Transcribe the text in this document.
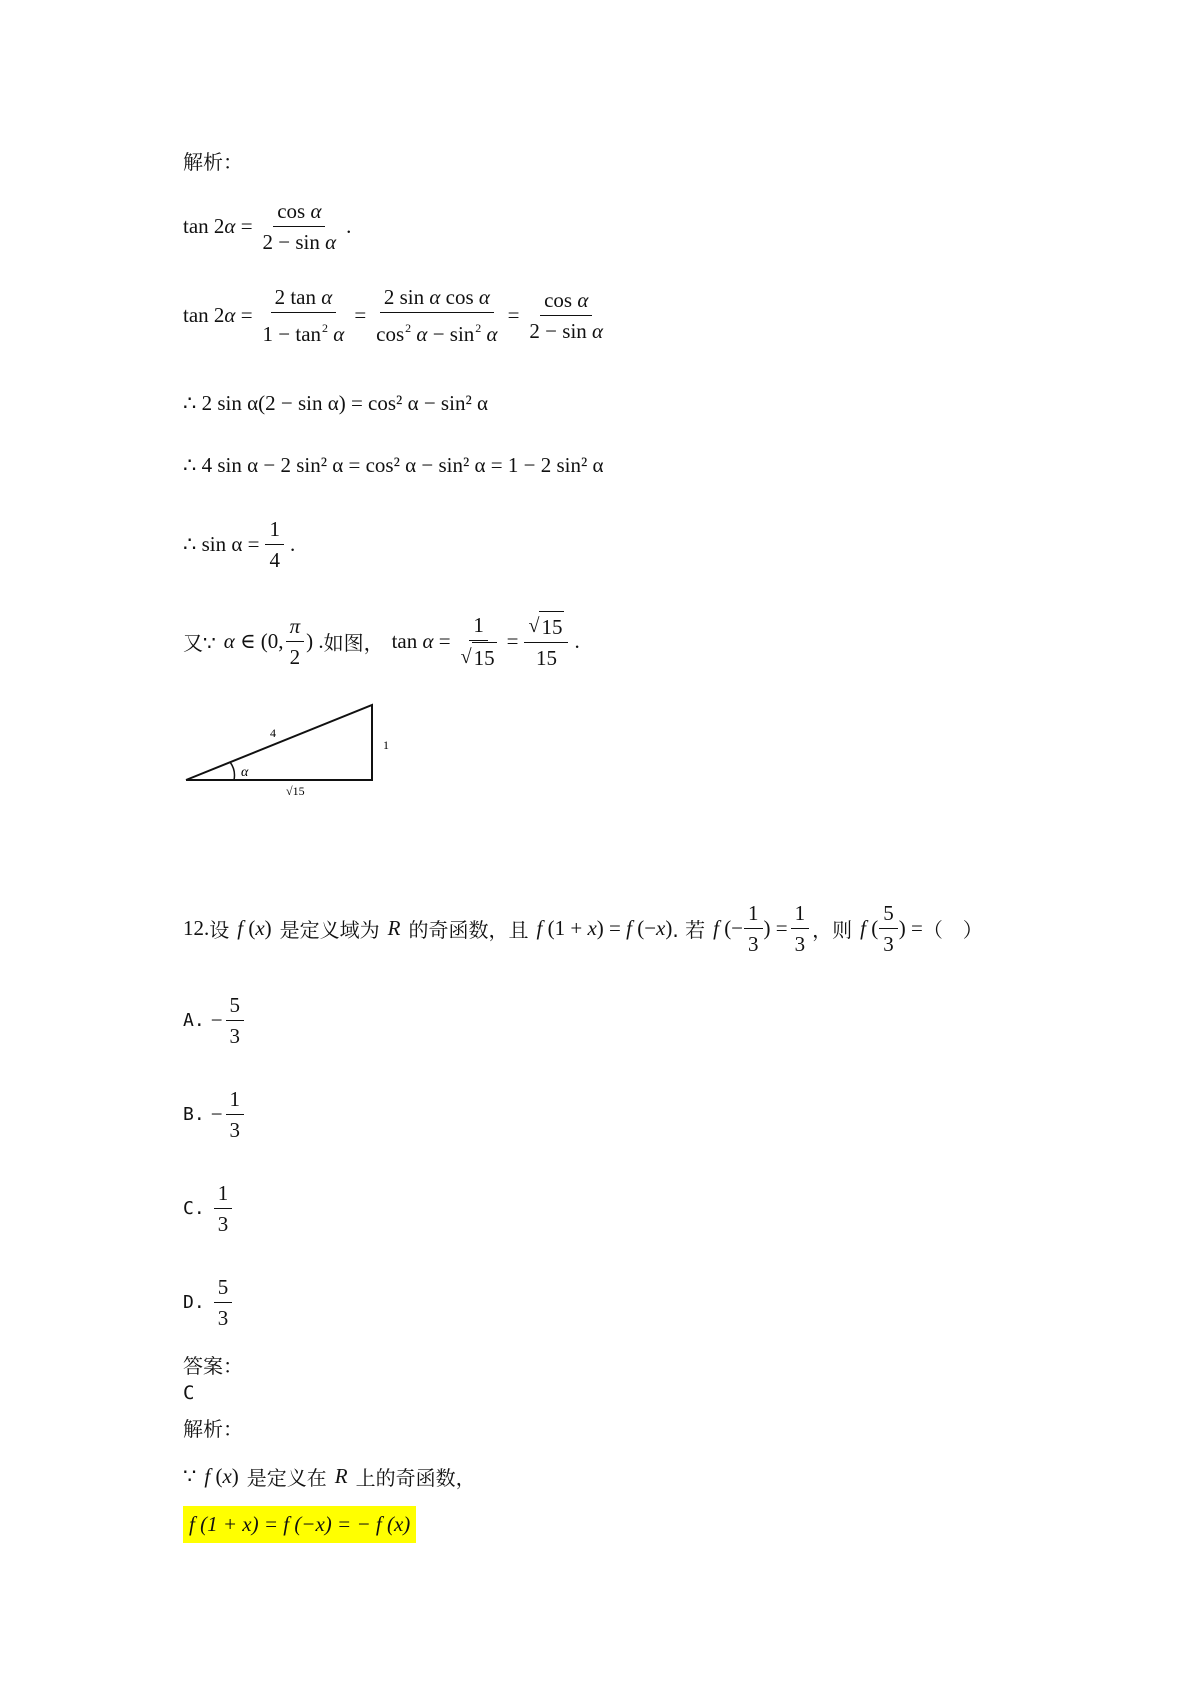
解析：
$\tan 2\alpha = \frac{\text{cos α}}{\text{2 − sin α}}$ .
$\tan 2\alpha = \frac{\text{2 tan α}}{1 - \tan^2 \alpha} = \frac{\text{2 sin α cos α}}{\cos^2 \alpha - \sin^2 \alpha} = \frac{\text{cos α}}{\text{2 − sin α}}$
∴ 2 sin α(2 − sin α) = cos² α − sin² α
∴ 4 sin α − 2 sin² α = cos² α − sin² α = 1 − 2 sin² α
∴ $\sin \alpha = \frac{1}{4}$ .
又∵ α ∈ (0, $\frac{\pi}{2}$ ) . 如图， $\tan \alpha = \frac{1}{√ 15} = \frac{√ 15}{15}$ .
4
1
√15
α
12. 设 f (x) 是定义域为 R 的奇函数，且 f (1 + x) = f (−x) . 若 f (− $\frac{1}{3}$ ) = $\frac{1}{3}$ ，则 f ( $\frac{5}{3}$ ) = （　）
A. − $\frac{5}{3}$
B. − $\frac{1}{3}$
C. $\frac{1}{3}$
D. $\frac{5}{3}$
答案：
C
解析：
∵ f (x) 是定义在 R 上的奇函数，
f (1 + x) = f (−x) = − f (x)
